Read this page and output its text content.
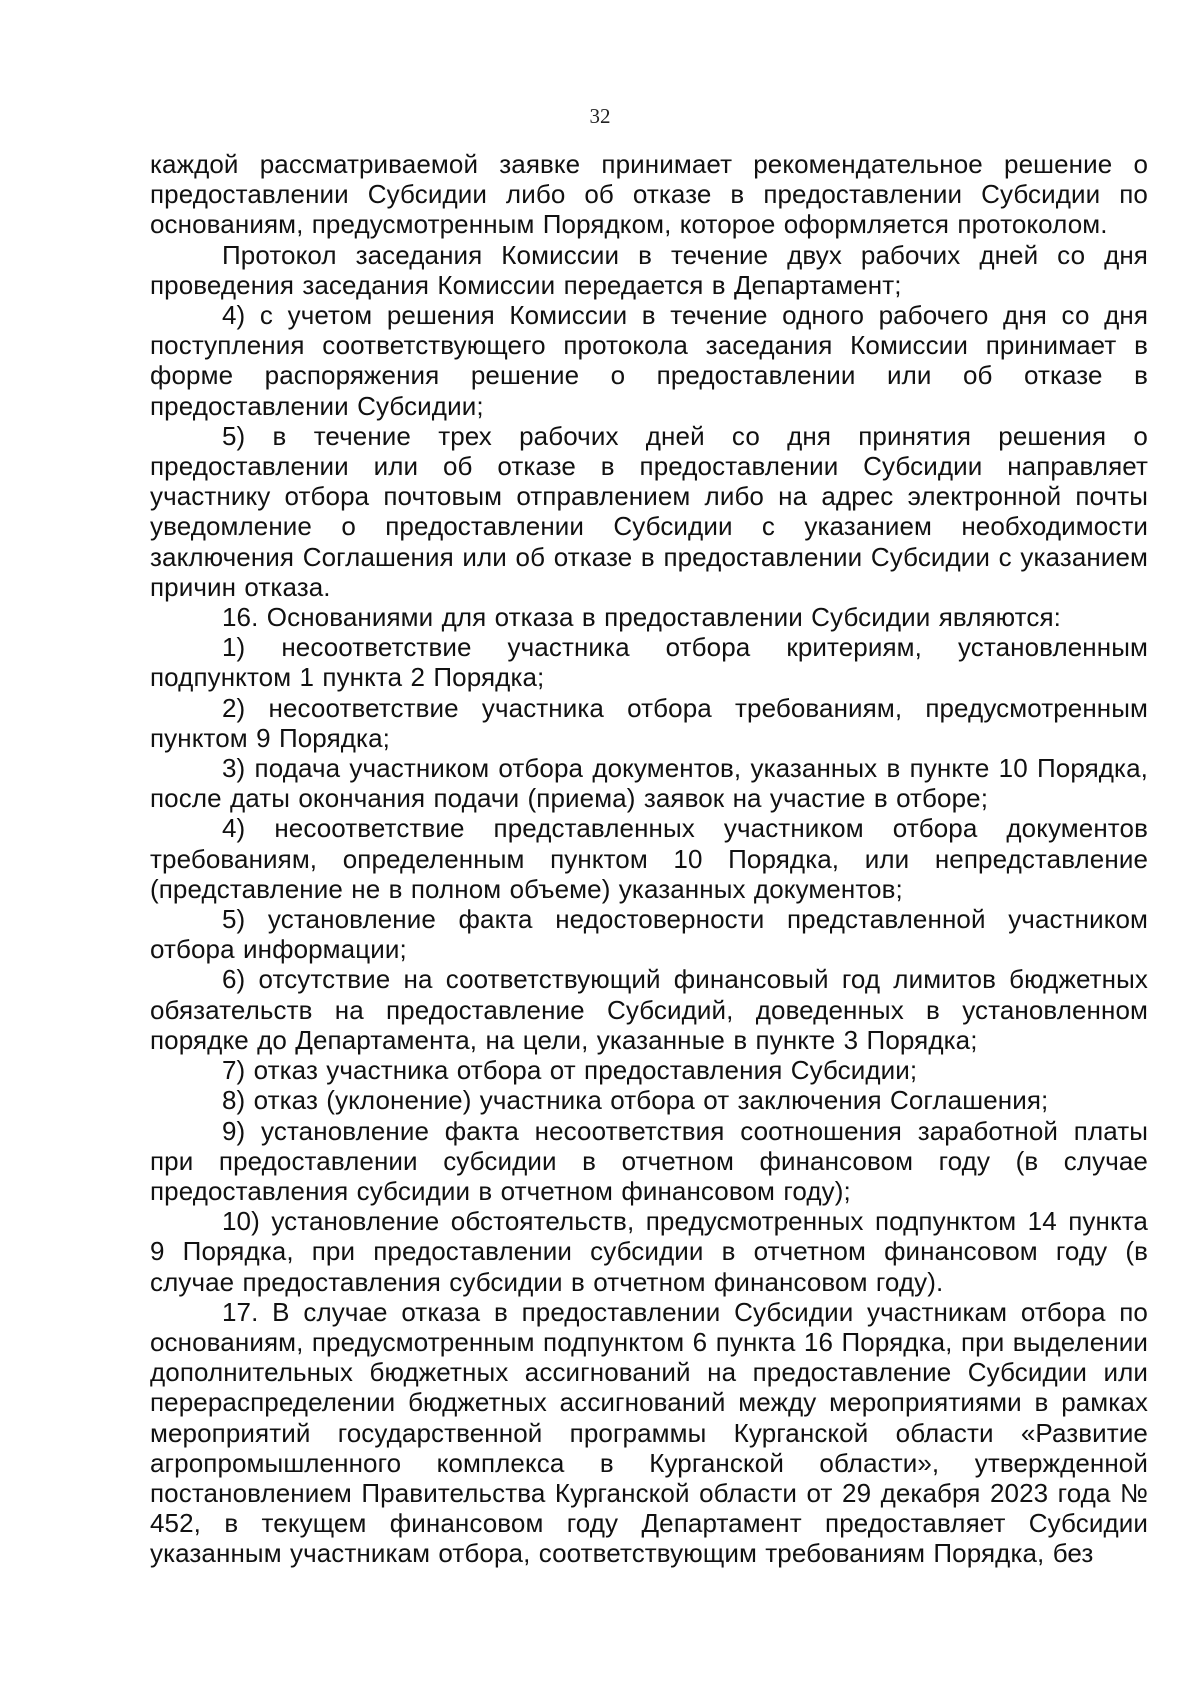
32

каждой рассматриваемой заявке принимает рекомендательное решение о предоставлении Субсидии либо об отказе в предоставлении Субсидии по основаниям, предусмотренным Порядком, которое оформляется протоколом.

Протокол заседания Комиссии в течение двух рабочих дней со дня проведения заседания Комиссии передается в Департамент;

4) с учетом решения Комиссии в течение одного рабочего дня со дня поступления соответствующего протокола заседания Комиссии принимает в форме распоряжения решение о предоставлении или об отказе в предоставлении Субсидии;

5) в течение трех рабочих дней со дня принятия решения о предоставлении или об отказе в предоставлении Субсидии направляет участнику отбора почтовым отправлением либо на адрес электронной почты уведомление о предоставлении Субсидии с указанием необходимости заключения Соглашения или об отказе в предоставлении Субсидии с указанием причин отказа.

16. Основаниями для отказа в предоставлении Субсидии являются:

1) несоответствие участника отбора критериям, установленным подпунктом 1 пункта 2 Порядка;

2) несоответствие участника отбора требованиям, предусмотренным пунктом 9 Порядка;

3) подача участником отбора документов, указанных в пункте 10 Порядка, после даты окончания подачи (приема) заявок на участие в отборе;

4) несоответствие представленных участником отбора документов требованиям, определенным пунктом 10 Порядка, или непредставление (представление не в полном объеме) указанных документов;

5) установление факта недостоверности представленной участником отбора информации;

6) отсутствие на соответствующий финансовый год лимитов бюджетных обязательств на предоставление Субсидий, доведенных в установленном порядке до Департамента, на цели, указанные в пункте 3 Порядка;

7) отказ участника отбора от предоставления Субсидии;

8) отказ (уклонение) участника отбора от заключения Соглашения;

9) установление факта несоответствия соотношения заработной платы при предоставлении субсидии в отчетном финансовом году (в случае предоставления субсидии в отчетном финансовом году);

10) установление обстоятельств, предусмотренных подпунктом 14 пункта 9 Порядка, при предоставлении субсидии в отчетном финансовом году (в случае предоставления субсидии в отчетном финансовом году).

17. В случае отказа в предоставлении Субсидии участникам отбора по основаниям, предусмотренным подпунктом 6 пункта 16 Порядка, при выделении дополнительных бюджетных ассигнований на предоставление Субсидии или перераспределении бюджетных ассигнований между мероприятиями в рамках мероприятий государственной программы Курганской области «Развитие агропромышленного комплекса в Курганской области», утвержденной постановлением Правительства Курганской области от 29 декабря 2023 года № 452, в текущем финансовом году Департамент предоставляет Субсидии указанным участникам отбора, соответствующим требованиям Порядка, без
